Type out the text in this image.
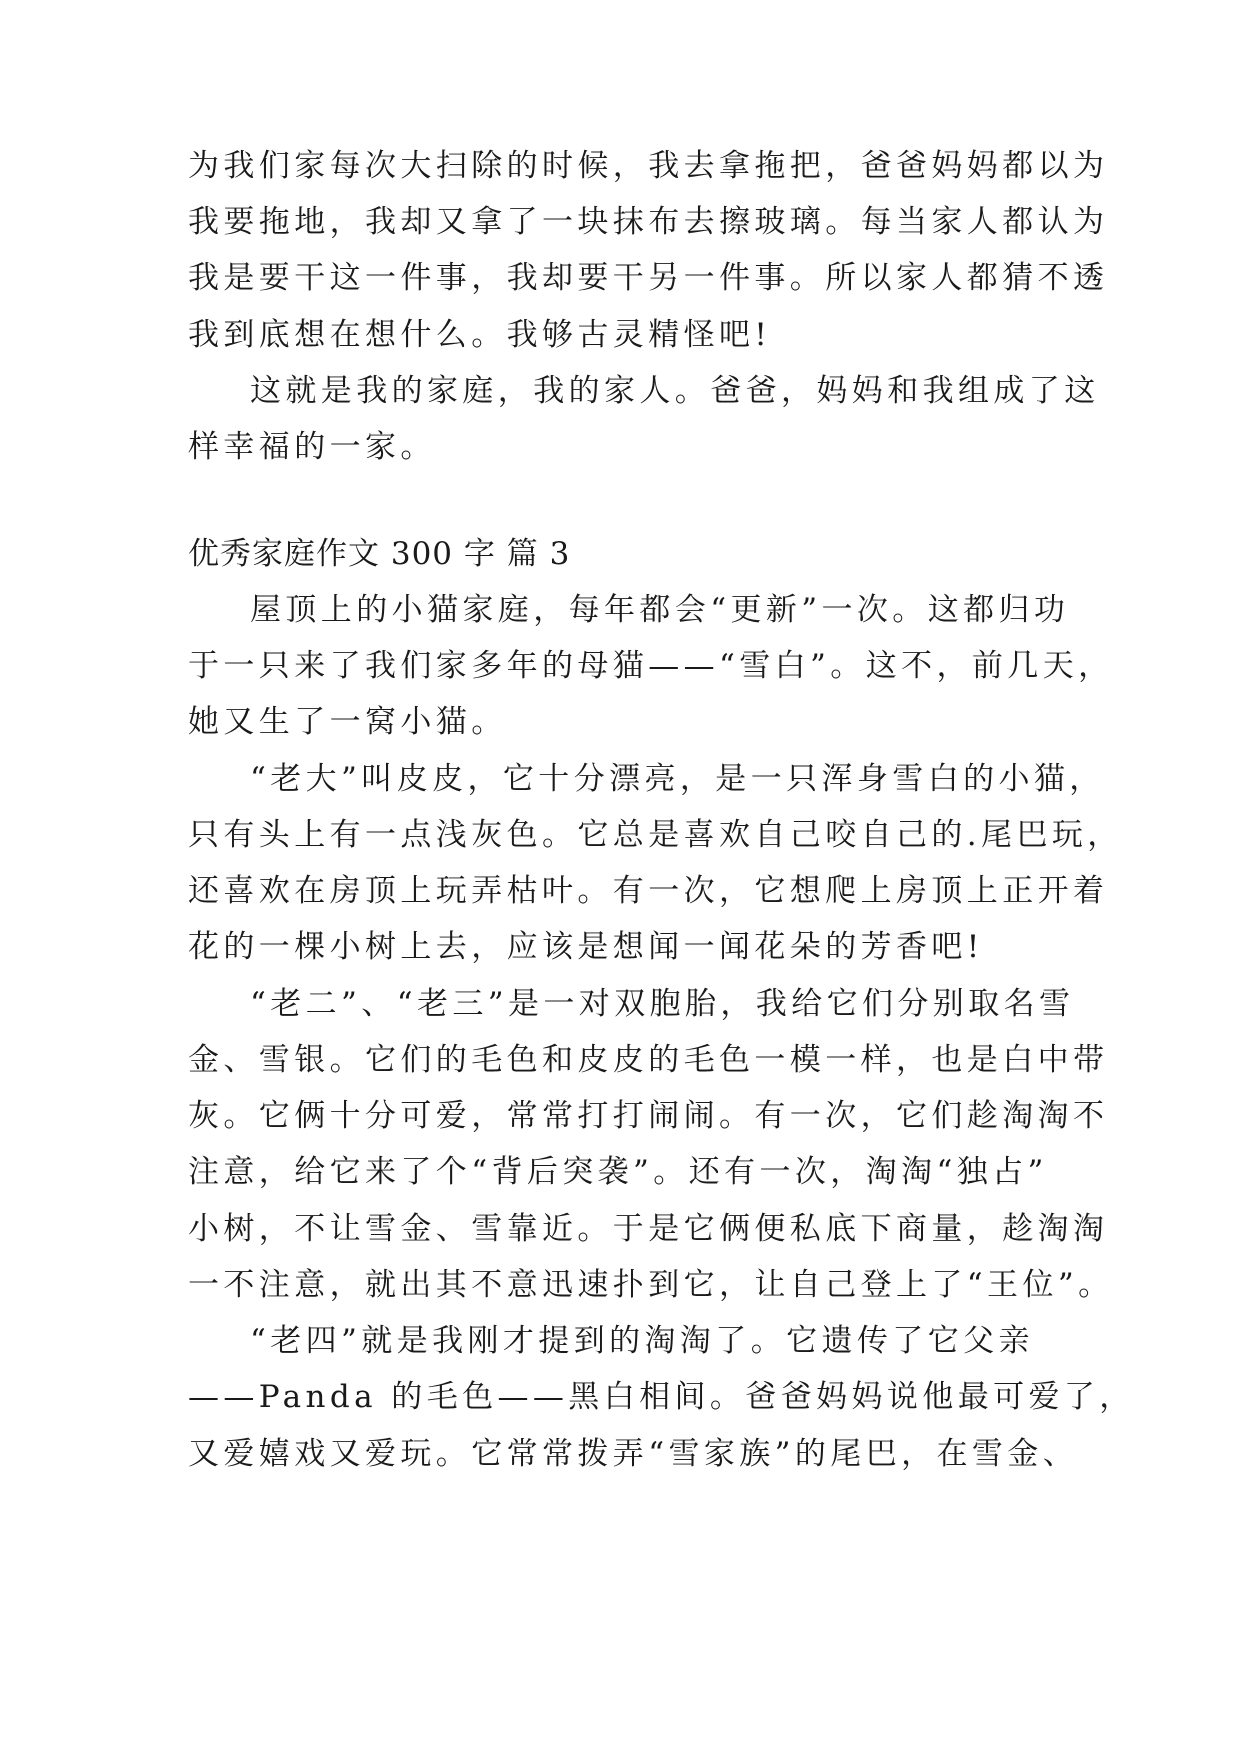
为我们家每次大扫除的时候，我去拿拖把，爸爸妈妈都以为
我要拖地，我却又拿了一块抹布去擦玻璃。每当家人都认为
我是要干这一件事，我却要干另一件事。所以家人都猜不透
我到底想在想什么。我够古灵精怪吧!
这就是我的家庭，我的家人。爸爸，妈妈和我组成了这
样幸福的一家。
优秀家庭作文 300 字 篇 3
屋顶上的小猫家庭，每年都会“更新”一次。这都归功
于一只来了我们家多年的母猫——“雪白”。这不，前几天，
她又生了一窝小猫。
“老大”叫皮皮，它十分漂亮，是一只浑身雪白的小猫，
只有头上有一点浅灰色。它总是喜欢自己咬自己的.尾巴玩，
还喜欢在房顶上玩弄枯叶。有一次，它想爬上房顶上正开着
花的一棵小树上去，应该是想闻一闻花朵的芳香吧!
“老二”、“老三”是一对双胞胎，我给它们分别取名雪
金、雪银。它们的毛色和皮皮的毛色一模一样，也是白中带
灰。它俩十分可爱，常常打打闹闹。有一次，它们趁淘淘不
注意，给它来了个“背后突袭”。还有一次，淘淘“独占”
小树，不让雪金、雪靠近。于是它俩便私底下商量，趁淘淘
一不注意，就出其不意迅速扑到它，让自己登上了“王位”。
“老四”就是我刚才提到的淘淘了。它遗传了它父亲
——Panda 的毛色——黑白相间。爸爸妈妈说他最可爱了，
又爱嬉戏又爱玩。它常常拨弄“雪家族”的尾巴，在雪金、
